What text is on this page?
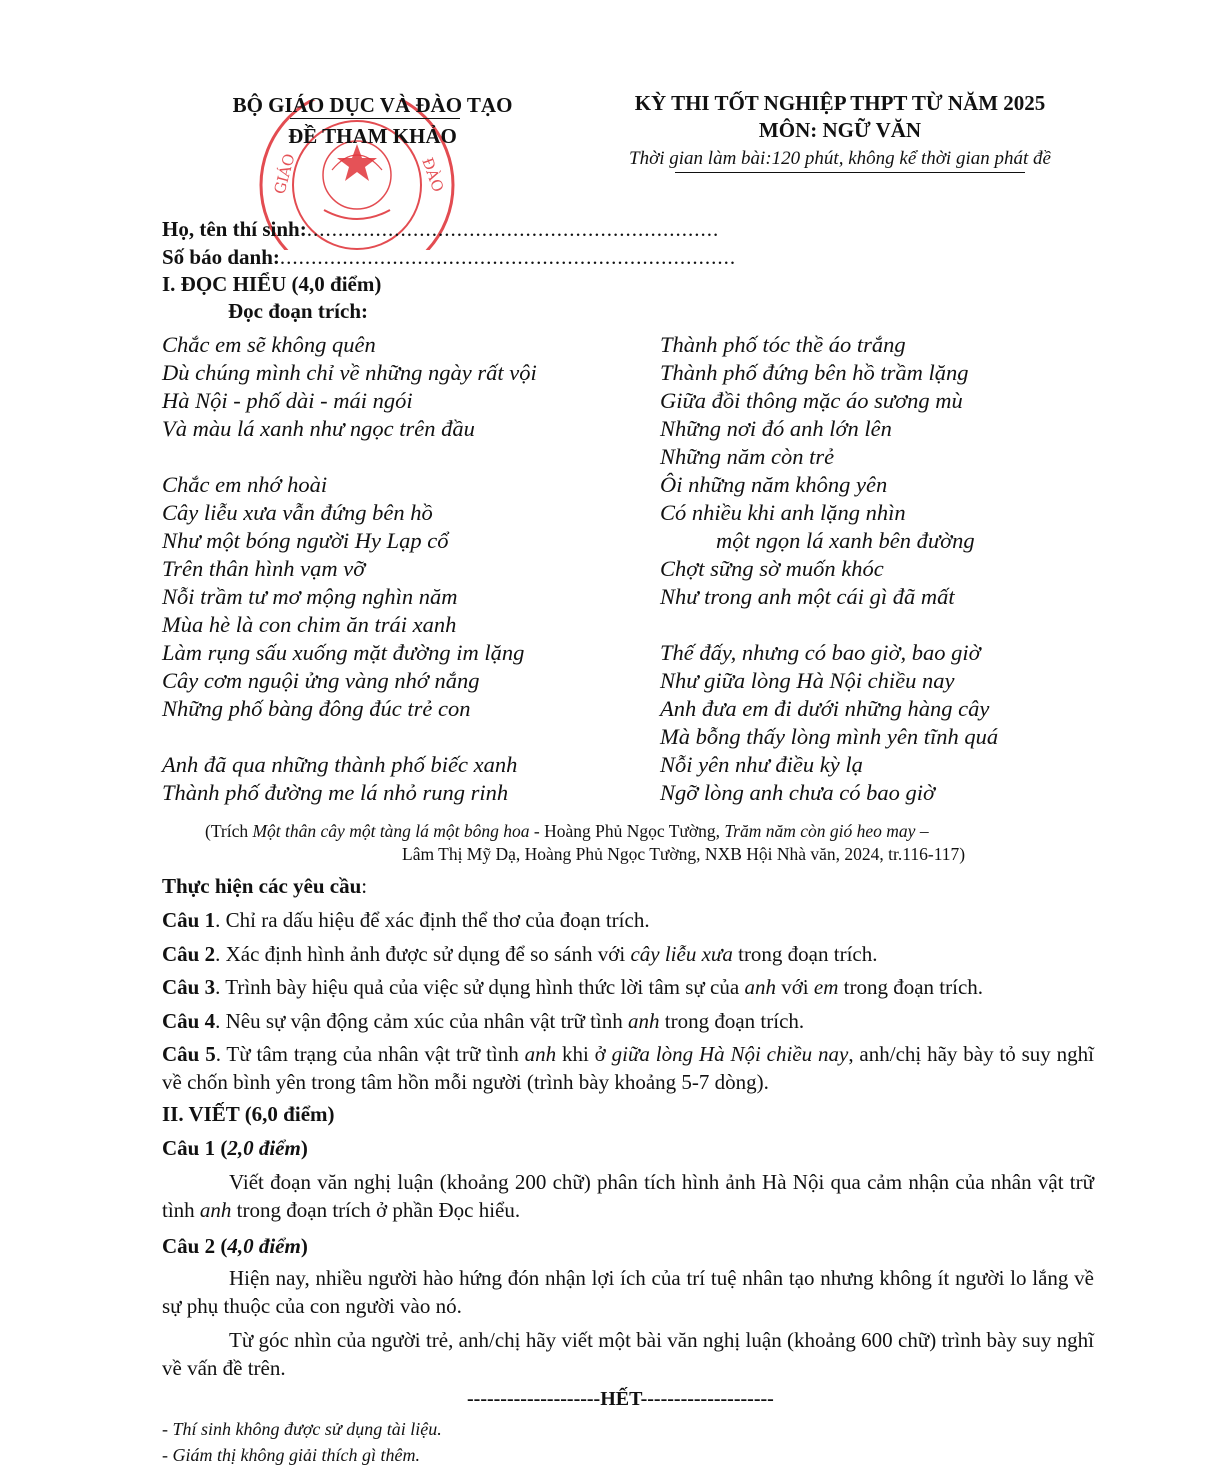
GIÁO	ĐÀO
BỘ GIÁO DỤC VÀ ĐÀO TẠO
ĐỀ THAM KHẢO
KỲ THI TỐT NGHIỆP THPT TỪ NĂM 2025
MÔN: NGỮ VĂN
Thời gian làm bài:120 phút, không kể thời gian phát đề
Họ, tên thí sinh:..................................................................
Số báo danh:.........................................................................
I. ĐỌC HIỂU (4,0 điểm)
Đọc đoạn trích:
Chắc em sẽ không quên
Dù chúng mình chỉ về những ngày rất vội
Hà Nội - phố dài - mái ngói
Và màu lá xanh như ngọc trên đầu
Chắc em nhớ hoài
Cây liễu xưa vẫn đứng bên hồ
Như một bóng người Hy Lạp cổ
Trên thân hình vạm vỡ
Nỗi trầm tư mơ mộng nghìn năm
Mùa hè là con chim ăn trái xanh
Làm rụng sấu xuống mặt đường im lặng
Cây cơm nguội ửng vàng nhớ nắng
Những phố bàng đông đúc trẻ con
Anh đã qua những thành phố biếc xanh
Thành phố đường me lá nhỏ rung rinh
Thành phố tóc thề áo trắng
Thành phố đứng bên hồ trầm lặng
Giữa đồi thông mặc áo sương mù
Những nơi đó anh lớn lên
Những năm còn trẻ
Ôi những năm không yên
Có nhiều khi anh lặng nhìn
một ngọn lá xanh bên đường
Chợt sững sờ muốn khóc
Như trong anh một cái gì đã mất
Thế đấy, nhưng có bao giờ, bao giờ
Như giữa lòng Hà Nội chiều nay
Anh đưa em đi dưới những hàng cây
Mà bỗng thấy lòng mình yên tĩnh quá
Nỗi yên như điều kỳ lạ
Ngỡ lòng anh chưa có bao giờ
(Trích Một thân cây một tàng lá một bông hoa - Hoàng Phủ Ngọc Tường, Trăm năm còn gió heo may –
Lâm Thị Mỹ Dạ, Hoàng Phủ Ngọc Tường, NXB Hội Nhà văn, 2024, tr.116-117)
Thực hiện các yêu cầu:
Câu 1. Chỉ ra dấu hiệu để xác định thể thơ của đoạn trích.
Câu 2. Xác định hình ảnh được sử dụng để so sánh với cây liễu xưa trong đoạn trích.
Câu 3. Trình bày hiệu quả của việc sử dụng hình thức lời tâm sự của anh với em trong đoạn trích.
Câu 4. Nêu sự vận động cảm xúc của nhân vật trữ tình anh trong đoạn trích.
Câu 5. Từ tâm trạng của nhân vật trữ tình anh khi ở giữa lòng Hà Nội chiều nay, anh/chị hãy bày tỏ suy nghĩ về chốn bình yên trong tâm hồn mỗi người (trình bày khoảng 5-7 dòng).
II. VIẾT (6,0 điểm)
Câu 1 (2,0 điểm)
Viết đoạn văn nghị luận (khoảng 200 chữ) phân tích hình ảnh Hà Nội qua cảm nhận của nhân vật trữ tình anh trong đoạn trích ở phần Đọc hiểu.
Câu 2 (4,0 điểm)
Hiện nay, nhiều người hào hứng đón nhận lợi ích của trí tuệ nhân tạo nhưng không ít người lo lắng về sự phụ thuộc của con người vào nó.
Từ góc nhìn của người trẻ, anh/chị hãy viết một bài văn nghị luận (khoảng 600 chữ) trình bày suy nghĩ về vấn đề trên.
--------------------HẾT--------------------
- Thí sinh không được sử dụng tài liệu.
- Giám thị không giải thích gì thêm.
